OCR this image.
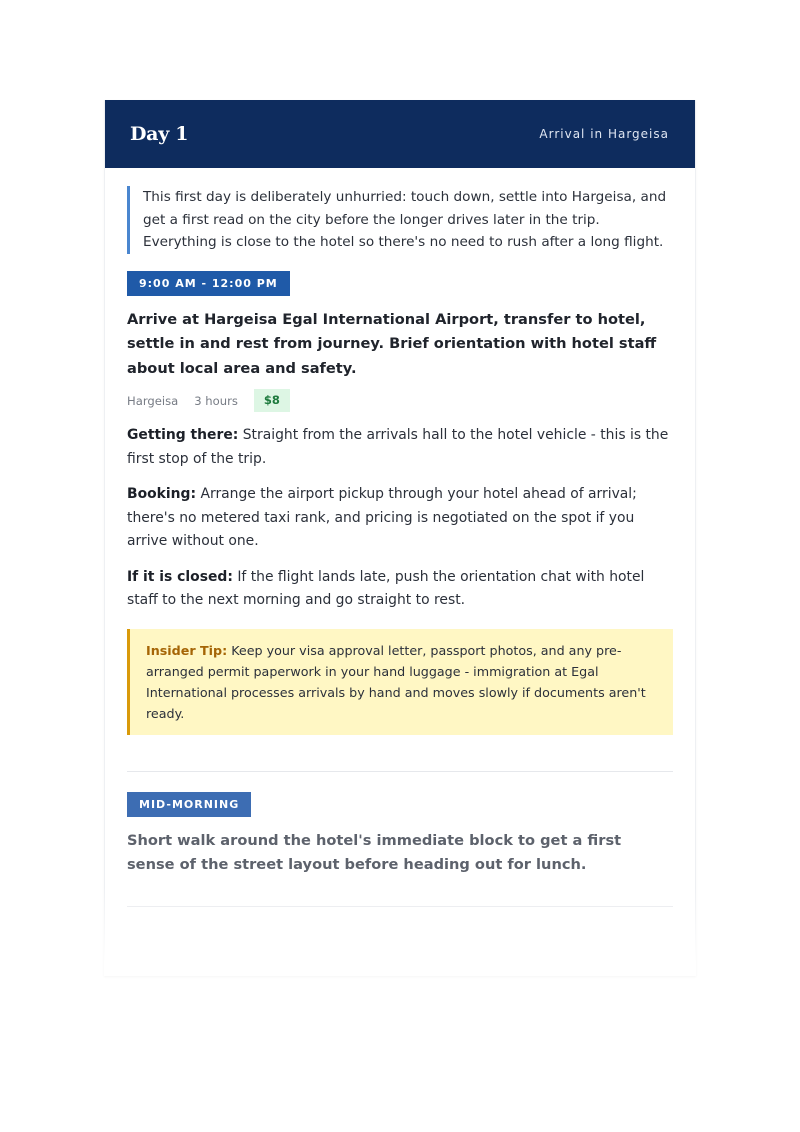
Day 1	Arrival in Hargeisa

This first day is deliberately unhurried: touch down, settle into Hargeisa, and get a first read on the city before the longer drives later in the trip. Everything is close to the hotel so there's no need to rush after a long flight.

9:00 AM - 12:00 PM
Arrive at Hargeisa Egal International Airport, transfer to hotel, settle in and rest from journey. Brief orientation with hotel staff about local area and safety.
Hargeisa 3 hours	$8

Getting there: Straight from the arrivals hall to the hotel vehicle - this is the first stop of the trip.

Booking: Arrange the airport pickup through your hotel ahead of arrival; there's no metered taxi rank, and pricing is negotiated on the spot if you arrive without one.

If it is closed: If the flight lands late, push the orientation chat with hotel staff to the next morning and go straight to rest.

Insider Tip: Keep your visa approval letter, passport photos, and any pre-arranged permit paperwork in your hand luggage - immigration at Egal International processes arrivals by hand and moves slowly if documents aren't ready.
MID-MORNING
Short walk around the hotel's immediate block to get a first sense of the street layout before heading out for lunch.
